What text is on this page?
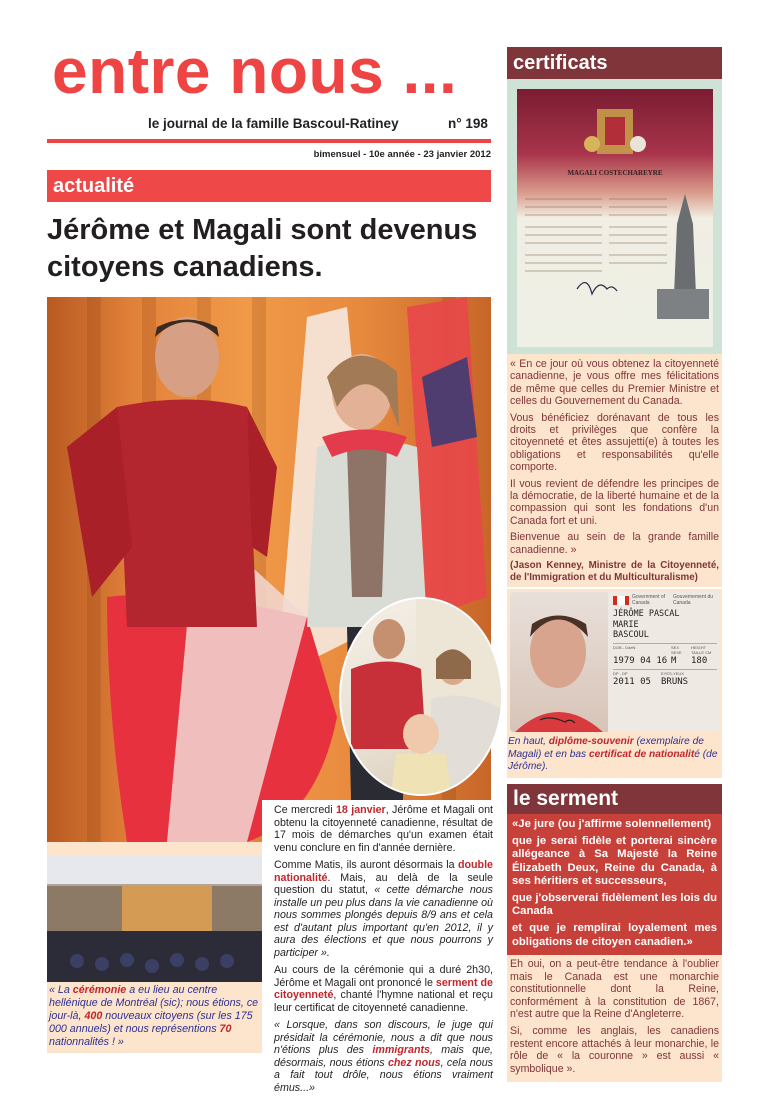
entre nous ...
le journal de la famille Bascoul-Ratiney	n° 198
bimensuel - 10e année - 23 janvier 2012
actualité
Jérôme et Magali sont devenus citoyens canadiens.

Ce mercredi 18 janvier, Jérôme et Magali ont obtenu la citoyenneté canadienne, résultat de 17 mois de démarches qu'un examen était venu conclure en fin d'année dernière.

Comme Matis, ils auront désormais la double nationalité. Mais, au delà de la seule question du statut, « cette démarche nous installe un peu plus dans la vie canadienne où nous sommes plongés depuis 8/9 ans et cela est d'autant plus important qu'en 2012, il y aura des élections et que nous pourrons y participer ».

Au cours de la cérémonie qui a duré 2h30, Jérôme et Magali ont prononcé le serment de citoyenneté, chanté l'hymne national et reçu leur certificat de citoyenneté canadienne.

« Lorsque, dans son discours, le juge qui présidait la cérémonie, nous a dit que nous n'étions plus des immigrants, mais que, désormais, nous étions chez nous, cela nous a fait tout drôle, nous étions vraiment émus...»

« La cérémonie a eu lieu au centre hellénique de Montréal (sic); nous étions, ce jour-là, 400 nouveaux citoyens (sur les 175 000 annuels) et nous représentions 70 nationnalités ! »
certificats
MAGALI COSTECHAREYRE

« En ce jour où vous obtenez la citoyenneté canadienne, je vous offre mes félicitations de même que celles du Premier Ministre et celles du Gouvernement du Canada.

Vous bénéficiez dorénavant de tous les droits et privilèges que confère la citoyenneté et êtes assujetti(e) à toutes les obligations et responsabilités qu'elle comporte.

Il vous revient de défendre les principes de la démocratie, de la liberté humaine et de la compassion qui sont les fondations d'un Canada fort et uni.

Bienvenue au sein de la grande famille canadienne. »

(Jason Kenney, Ministre de la Citoyenneté, de l'Immigration et du Multiculturalisme)

Government of Canada
Gouvernement du Canada
JÉRÔME PASCAL
MARIE
BASCOUL
DOB - DdeN	SEX SEXE
HEIGHT TAILLE CM
1979 04 16 M	180
DP - DP	EYES-YEUX
2011 05	BRUNS
En haut, diplôme-souvenir (exemplaire de Magali) et en bas certificat de nationalité (de Jérôme).
le serment

«Je jure (ou j'affirme solennellement)

que je serai fidèle et porterai sincère allégeance à Sa Majesté la Reine Élizabeth Deux, Reine du Canada, à ses héritiers et successeurs,

que j'observerai fidèlement les lois du Canada

et que je remplirai loyalement mes obligations de citoyen canadien.»

Eh oui, on a peut-être tendance à l'oublier mais le Canada est une monarchie constitutionnelle dont la Reine, conformément à la constitution de 1867, n'est autre que la Reine d'Angleterre.

Si, comme les anglais, les canadiens restent encore attachés à leur monarchie, le rôle de « la couronne » est aussi « symbolique ».
